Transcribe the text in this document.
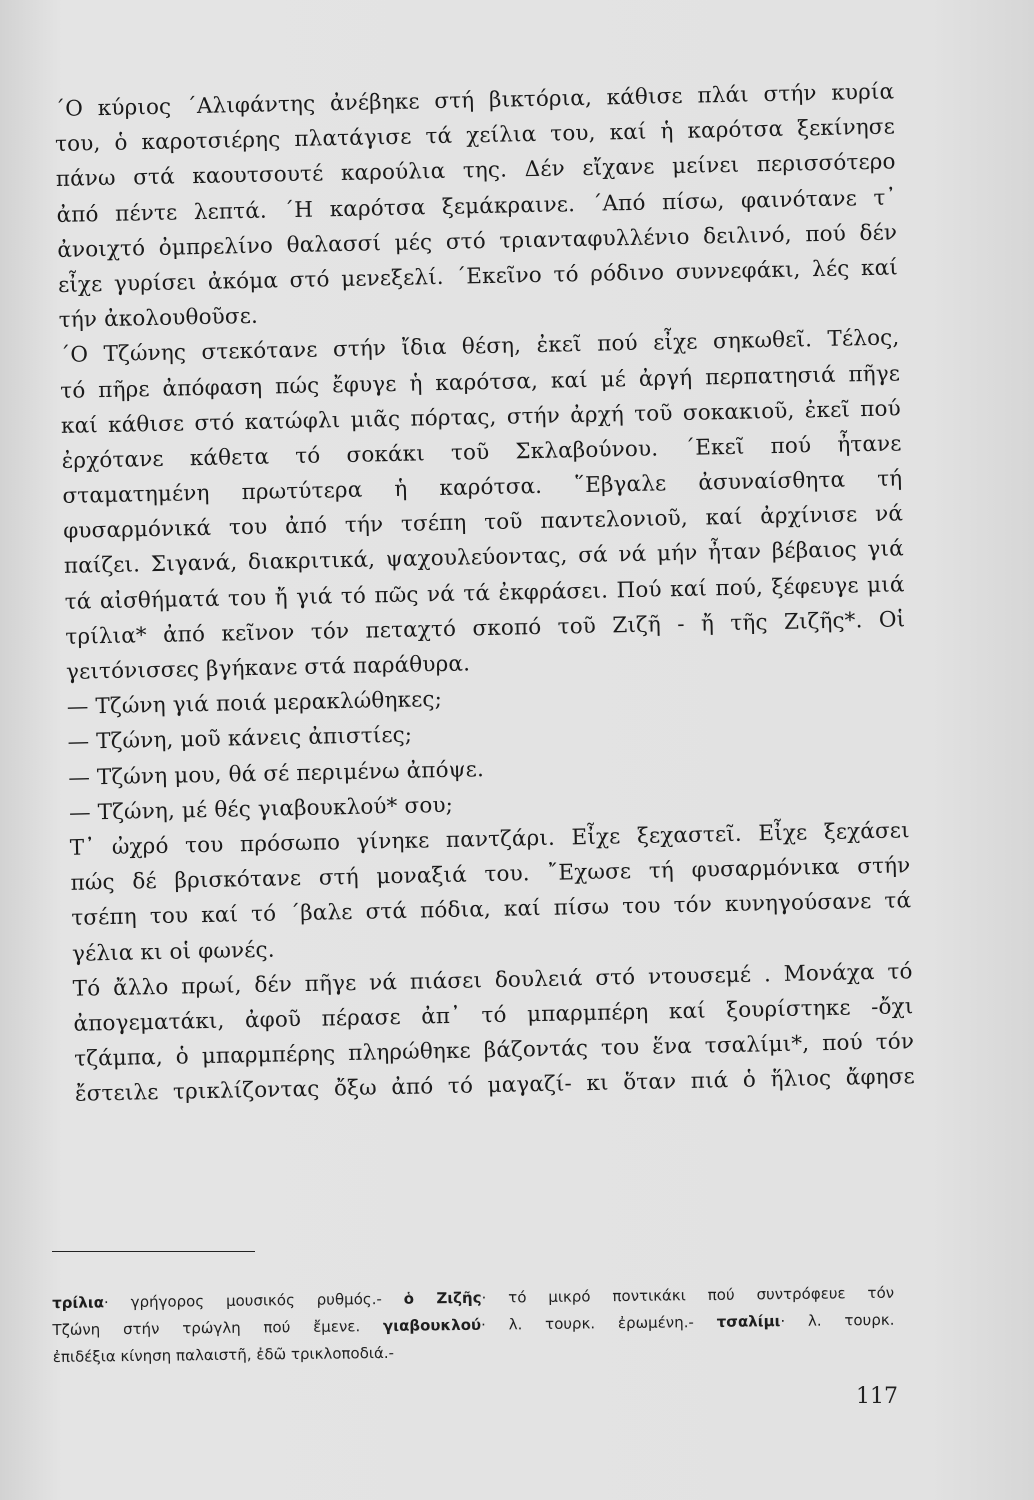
΄Ο κύριος ΄Αλιφάντης ἀνέβηκε στή βικτόρια, κάθισε πλάι στήν κυρία
του, ὁ καροτσιέρης πλατάγισε τά χείλια του, καί ἡ καρότσα ξεκίνησε
πάνω στά καουτσουτέ καρούλια της. Δέν εἴχανε μείνει περισσότερο
ἀπό πέντε λεπτά. ΄Η καρότσα ξεμάκραινε. ΄Από πίσω, φαινότανε τ᾽
ἀνοιχτό ὀμπρελίνο θαλασσί μές στό τριανταφυλλένιο δειλινό, πού δέν
εἶχε γυρίσει ἀκόμα στό μενεξελί. ΄Εκεῖνο τό ρόδινο συννεφάκι, λές καί
τήν ἀκολουθοῦσε.
΄Ο Τζώνης στεκότανε στήν ἴδια θέση, ἐκεῖ πού εἶχε σηκωθεῖ. Τέλος,
τό πῆρε ἀπόφαση πώς ἔφυγε ἡ καρότσα, καί μέ ἀργή περπατησιά πῆγε
καί κάθισε στό κατώφλι μιᾶς πόρτας, στήν ἀρχή τοῦ σοκακιοῦ, ἐκεῖ πού
ἐρχότανε κάθετα τό σοκάκι τοῦ Σκλαβούνου. ΄Εκεῖ πού ἦτανε
σταματημένη πρωτύτερα ἡ καρότσα. ῞Εβγαλε ἀσυναίσθητα τή
φυσαρμόνικά του ἀπό τήν τσέπη τοῦ παντελονιοῦ, καί ἀρχίνισε νά
παίζει. Σιγανά, διακριτικά, ψαχουλεύοντας, σά νά μήν ἦταν βέβαιος γιά
τά αἰσθήματά του ἤ γιά τό πῶς νά τά ἐκφράσει. Πού καί πού, ξέφευγε μιά
τρίλια* ἀπό κεῖνον τόν πεταχτό σκοπό τοῦ Ζιζῆ - ἤ τῆς Ζιζῆς*. Οἱ
γειτόνισσες βγήκανε στά παράθυρα.
— Τζώνη γιά ποιά μερακλώθηκες;
— Τζώνη, μοῦ κάνεις ἀπιστίες;
— Τζώνη μου, θά σέ περιμένω ἀπόψε.
— Τζώνη, μέ θές γιαβουκλού* σου;
Τ᾽ ὠχρό του πρόσωπο γίνηκε παντζάρι. Εἶχε ξεχαστεῖ. Εἶχε ξεχάσει
πώς δέ βρισκότανε στή μοναξιά του. ῎Εχωσε τή φυσαρμόνικα στήν
τσέπη του καί τό ΄βαλε στά πόδια, καί πίσω του τόν κυνηγούσανε τά
γέλια κι οἱ φωνές.
Τό ἄλλο πρωί, δέν πῆγε νά πιάσει δουλειά στό ντουσεμέ . Μονάχα τό
ἀπογεματάκι, ἀφοῦ πέρασε ἀπ᾽ τό μπαρμπέρη καί ξουρίστηκε -ὄχι
τζάμπα, ὁ μπαρμπέρης πληρώθηκε βάζοντάς του ἕνα τσαλίμι*, πού τόν
ἔστειλε τρικλίζοντας ὄξω ἀπό τό μαγαζί- κι ὅταν πιά ὁ ἥλιος ἄφησε
τρίλια· γρήγορος μουσικός ρυθμός.- ὁ Ζιζῆς· τό μικρό ποντικάκι πού συντρόφευε τόν
Τζώνη στήν τρώγλη πού ἔμενε. γιαβουκλού· λ. τουρκ. ἐρωμένη.- τσαλίμι· λ. τουρκ.
ἐπιδέξια κίνηση παλαιστῆ, ἐδῶ τρικλοποδιά.-
117
